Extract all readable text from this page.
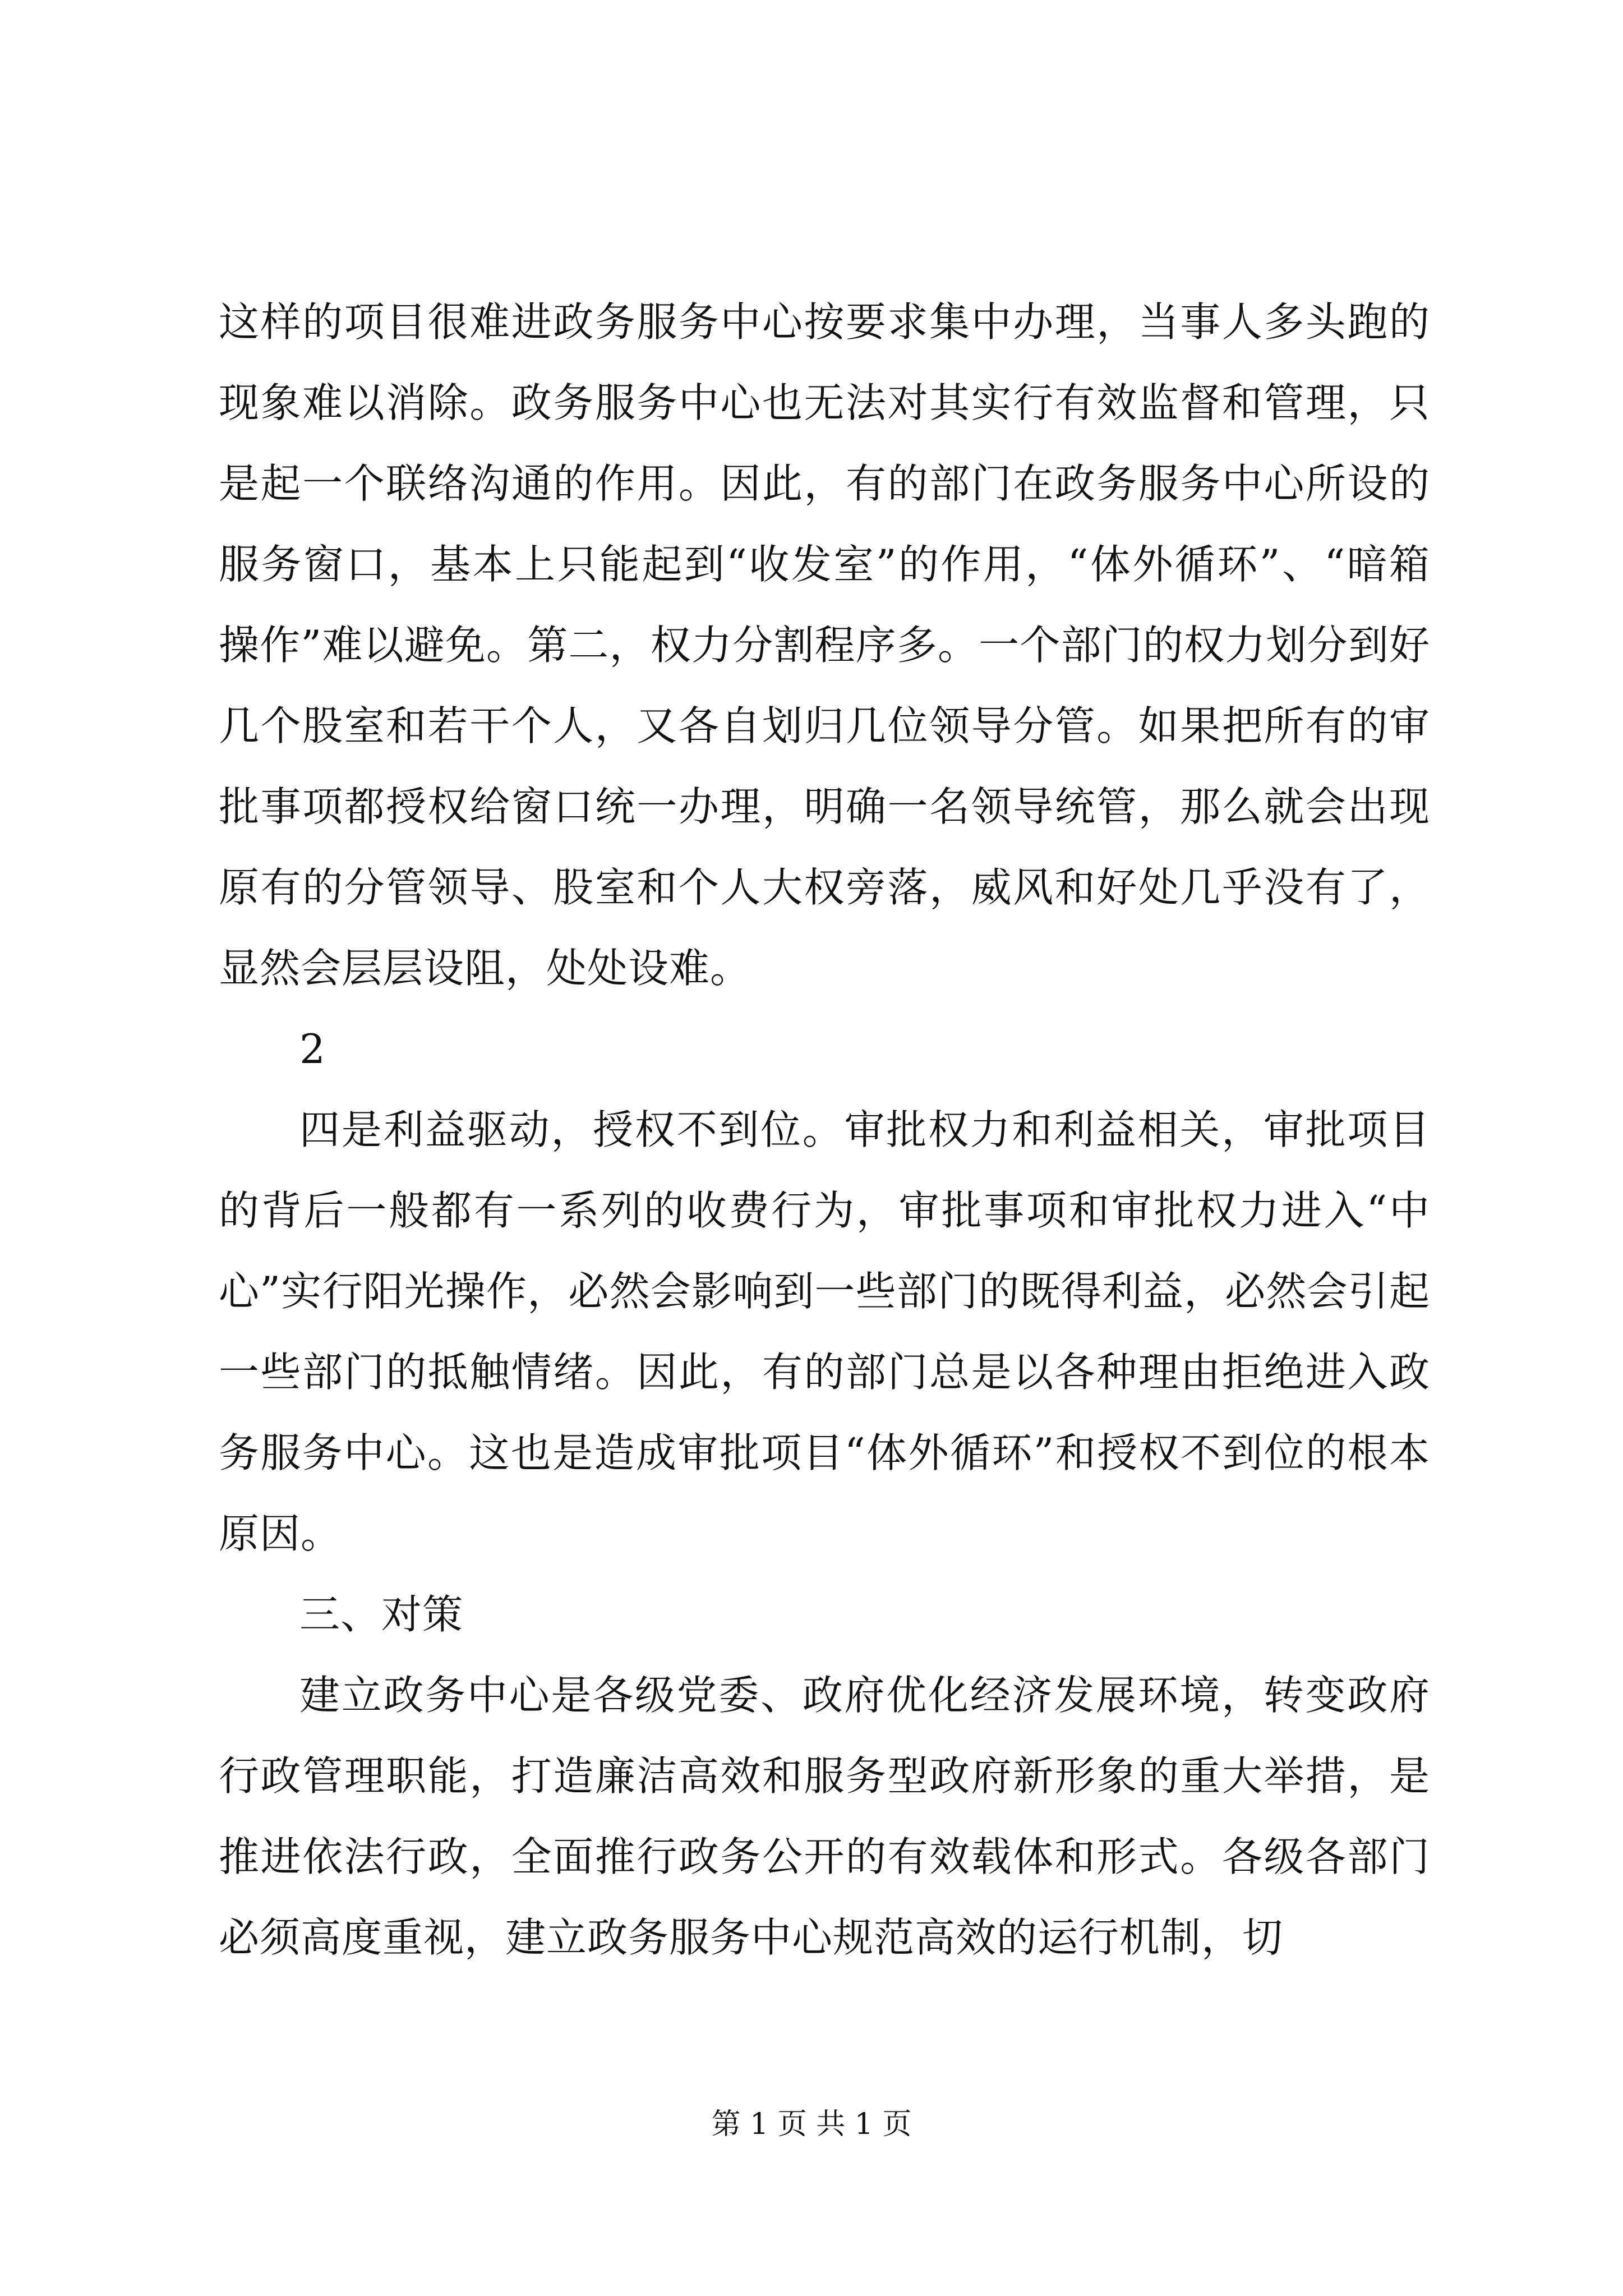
这样的项目很难进政务服务中心按要求集中办理，当事人多头跑的现象难以消除。政务服务中心也无法对其实行有效监督和管理，只是起一个联络沟通的作用。因此，有的部门在政务服务中心所设的服务窗口，基本上只能起到“收发室”的作用，“体外循环”、“暗箱操作”难以避免。第二，权力分割程序多。一个部门的权力划分到好几个股室和若干个人，又各自划归几位领导分管。如果把所有的审批事项都授权给窗口统一办理，明确一名领导统管，那么就会出现原有的分管领导、股室和个人大权旁落，威风和好处几乎没有了，显然会层层设阻，处处设难。

2

四是利益驱动，授权不到位。审批权力和利益相关，审批项目的背后一般都有一系列的收费行为，审批事项和审批权力进入“中心”实行阳光操作，必然会影响到一些部门的既得利益，必然会引起一些部门的抵触情绪。因此，有的部门总是以各种理由拒绝进入政务服务中心。这也是造成审批项目“体外循环”和授权不到位的根本原因。

三、对策

建立政务中心是各级党委、政府优化经济发展环境，转变政府行政管理职能，打造廉洁高效和服务型政府新形象的重大举措，是推进依法行政，全面推行政务公开的有效载体和形式。各级各部门必须高度重视，建立政务服务中心规范高效的运行机制，切

第 1 页 共 1 页
